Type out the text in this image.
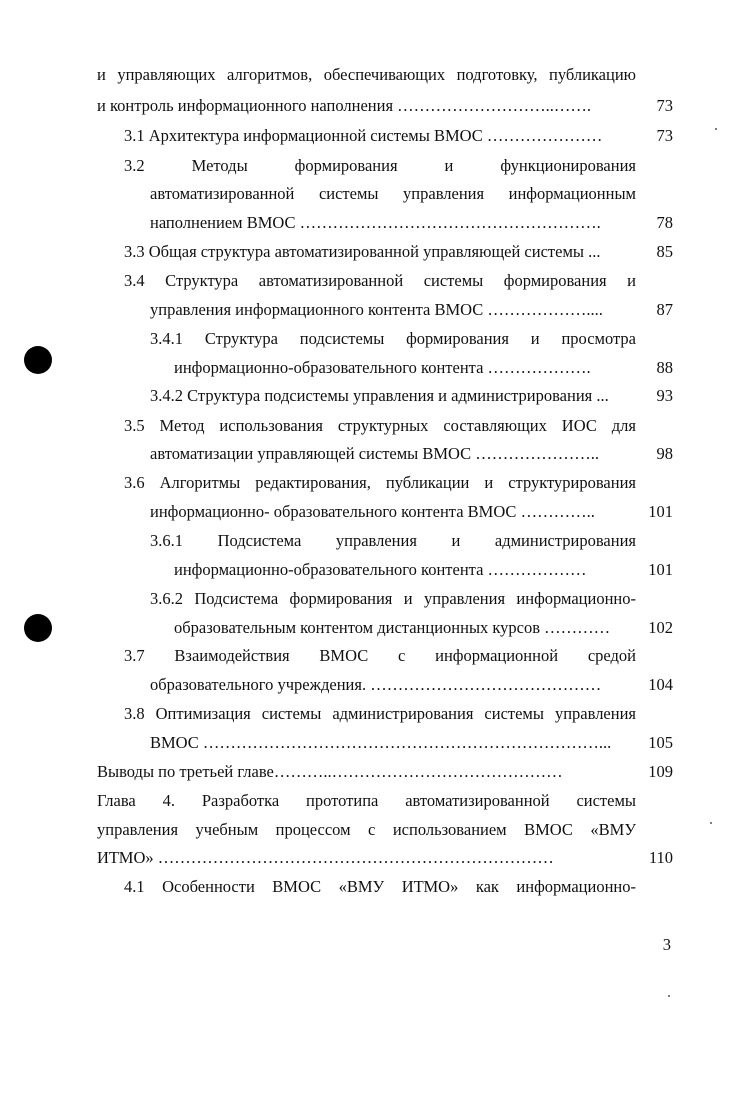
и управляющих алгоритмов, обеспечивающих подготовку, публикацию
и контроль информационного наполнения ………………………..…….	73
3.1 Архитектура информационной системы ВМОС …………………	73
3.2 Методы формирования и функционирования
автоматизированной системы управления информационным
наполнением ВМОС ……………………………………………….	78
3.3 Общая структура автоматизированной управляющей системы ...	85
3.4 Структура автоматизированной системы формирования и
управления информационного контента ВМОС ………………....	87
3.4.1 Структура подсистемы формирования и просмотра
информационно-образовательного контента ……………….	88
3.4.2 Структура подсистемы управления и администрирования ...	93
3.5 Метод использования структурных составляющих ИОС для
автоматизации управляющей системы ВМОС …………………..	98
3.6 Алгоритмы редактирования, публикации и структурирования
информационно- образовательного контента ВМОС …………..	101
3.6.1 Подсистема управления и администрирования
информационно-образовательного контента ………………	101
3.6.2 Подсистема формирования и управления информационно-
образовательным контентом дистанционных курсов …………	102
3.7 Взаимодействия ВМОС с информационной средой
образовательного учреждения. ……………………………………	104
3.8 Оптимизация системы администрирования системы управления
ВМОС ………………………………………………………………...	105
Выводы по третьей главе………..……………………………………	109
Глава 4. Разработка прототипа автоматизированной системы
управления учебным процессом с использованием ВМОС «ВМУ
ИТМО» ………………………………………………………………	110
4.1 Особенности ВМОС «ВМУ ИТМО» как информационно-
3
